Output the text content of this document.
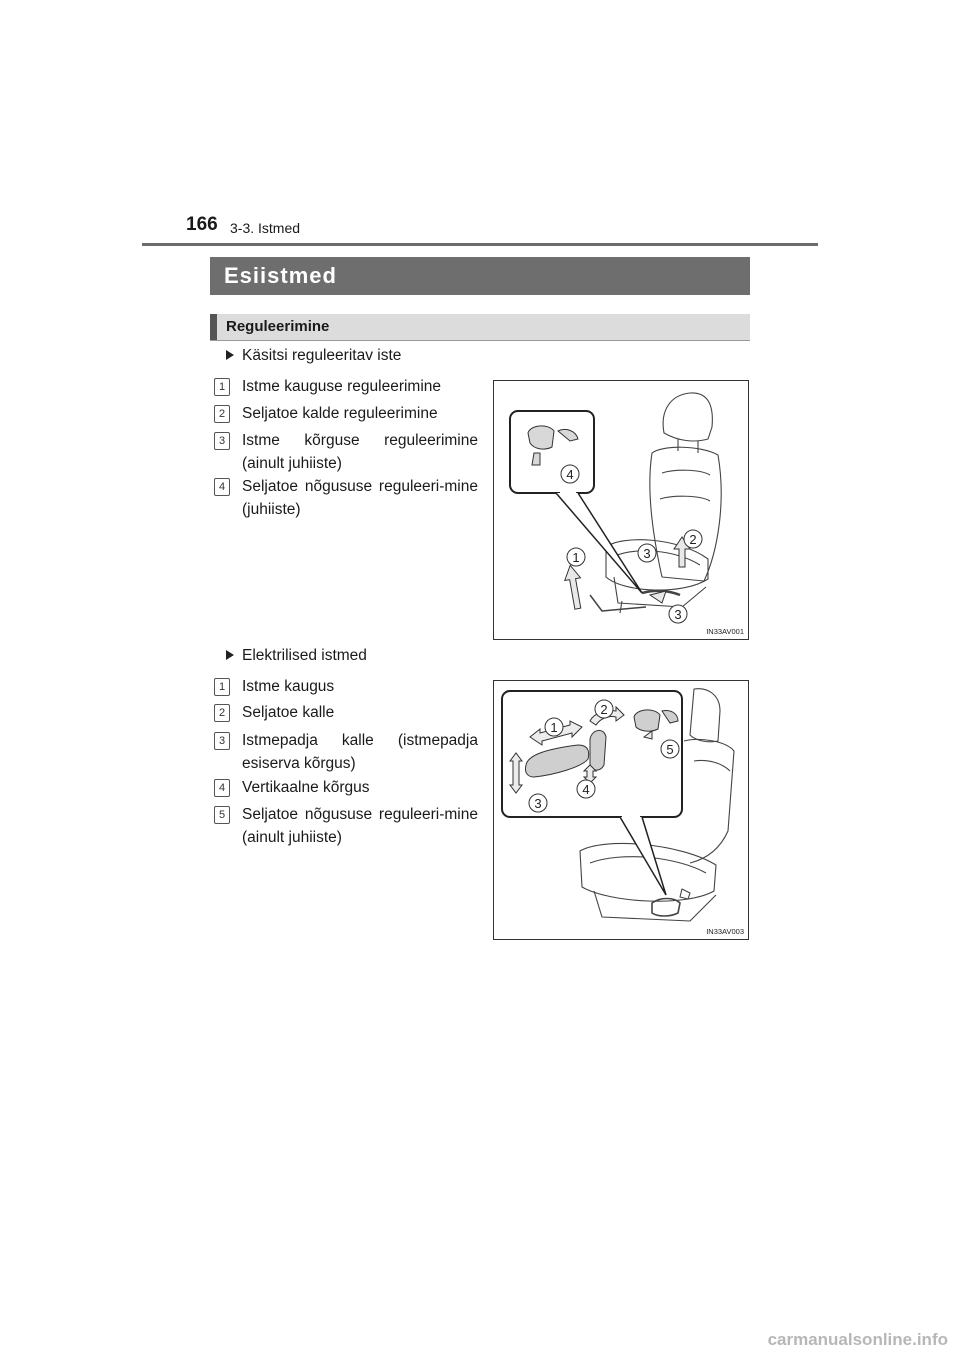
166 3-3. Istmed
Esiistmed
Reguleerimine
Käsitsi reguleeritav iste
1	Istme kauguse reguleerimine
2	Seljatoe kalde reguleerimine
3	Istme kõrguse reguleerimine (ainult juhiiste)
4	Seljatoe nõgususe reguleeri-mine (juhiiste)
4
1
2
3
3
IN33AV001
Elektrilised istmed
1	Istme kaugus
2	Seljatoe kalle
3	Istmepadja kalle (istmepadja esiserva kõrgus)
4	Vertikaalne kõrgus
5	Seljatoe nõgususe reguleeri-mine (ainult juhiiste)
1
2
3
4
5
IN33AV003
carmanualsonline.info
